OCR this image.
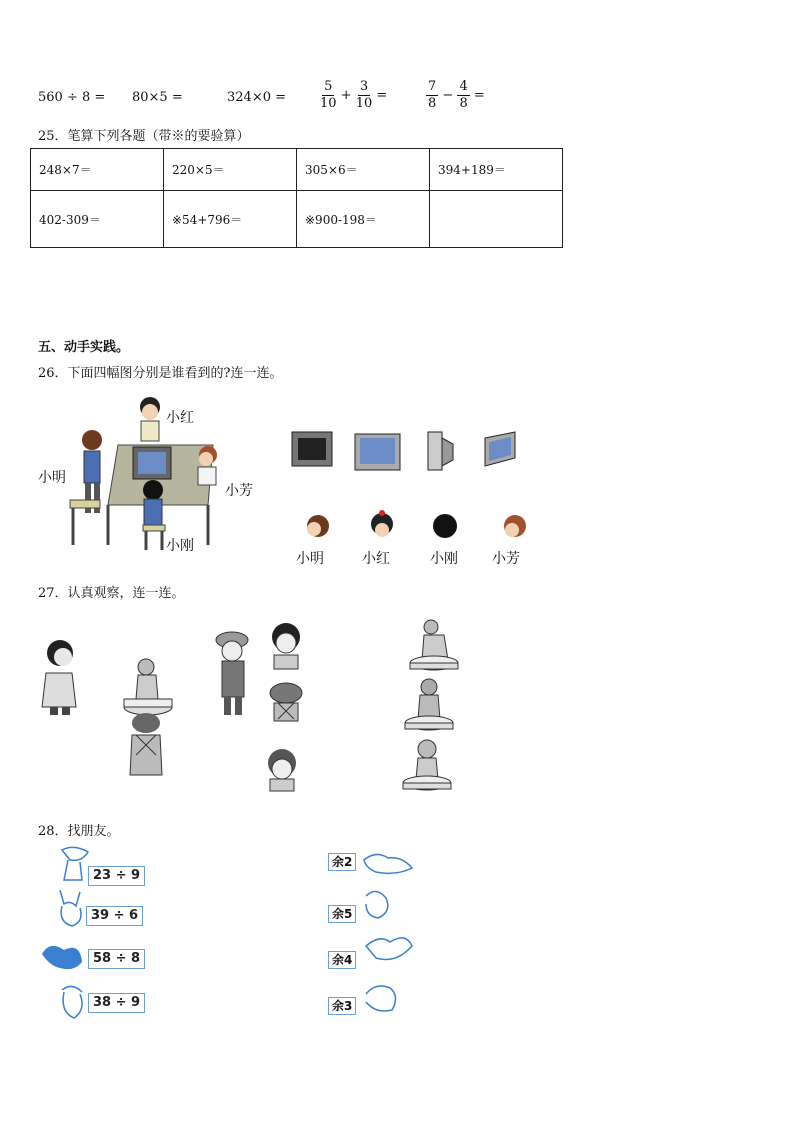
560 ÷ 8 = 80×5 =	324×0 =	$\frac{5}{10} + \frac{3}{10}$ =	$\frac{7}{8} - \frac{4}{8}$ =
25．笔算下列各题（带※的要验算）
248×7＝	220×5＝	305×6＝	394+189＝
402-309＝	※54+796＝	※900-198＝	
五、动手实践。
26．下面四幅图分别是谁看到的?连一连。
小红
小明
小芳
小刚
小明	小红	小刚 小芳
27．认真观察，连一连。
28．找朋友。
23 ÷ 9
39 ÷ 6
58 ÷ 8
38 ÷ 9
余2
余5
余4
余3
